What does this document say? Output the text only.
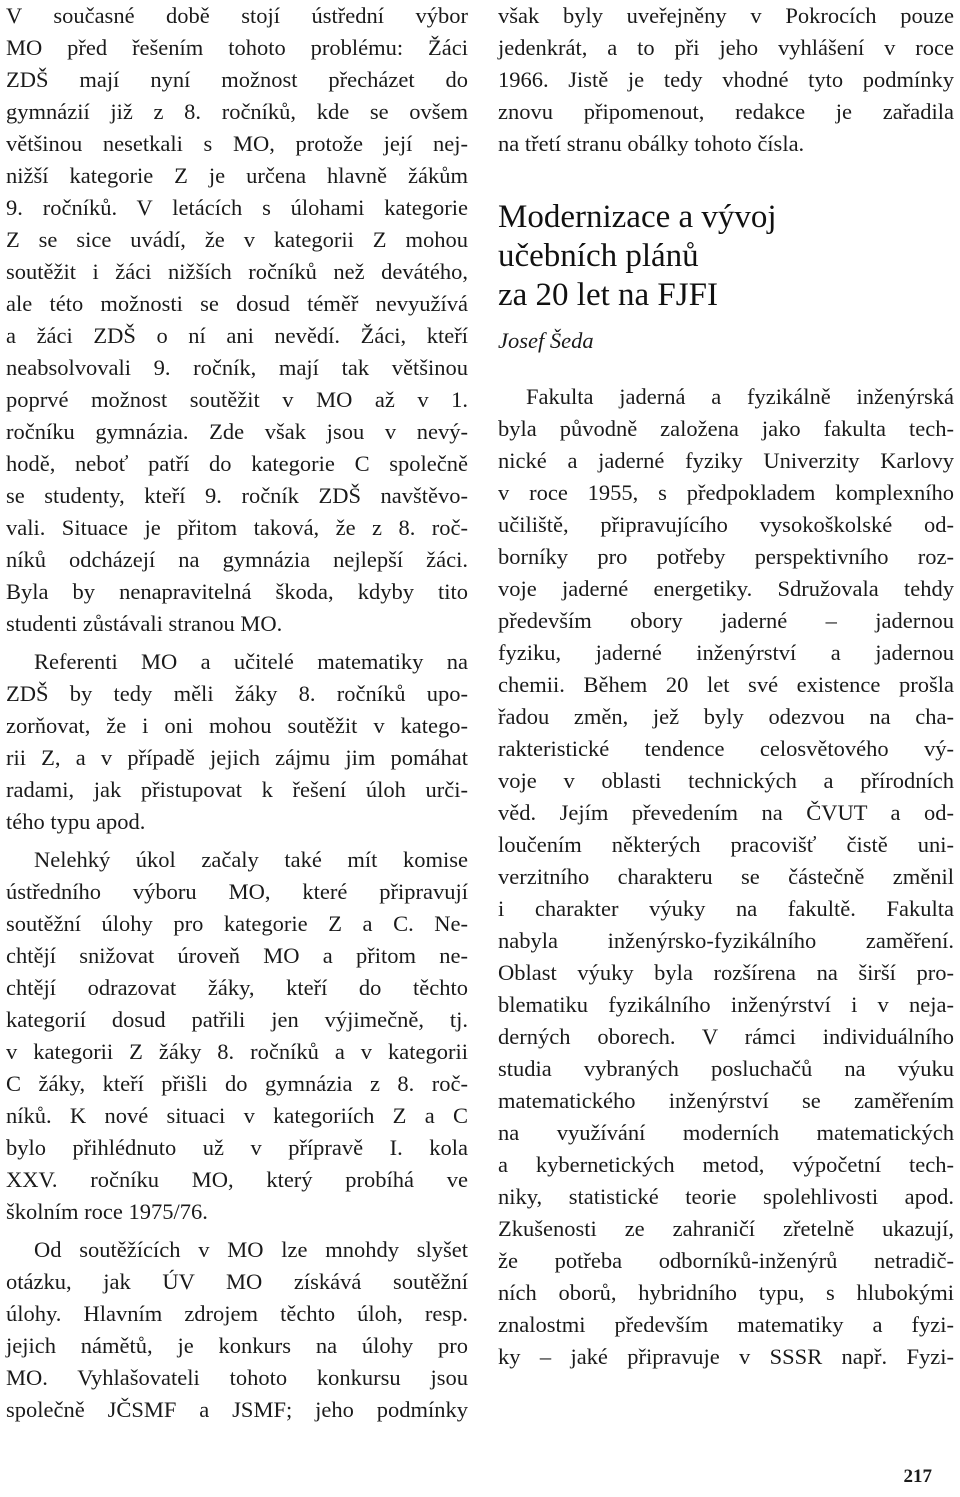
V současné době stojí ústřední výbor
MO před řešením tohoto problému: Žáci
ZDŠ mají nyní možnost přecházet do
gymnázií již z 8. ročníků, kde se ovšem
většinou nesetkali s MO, protože její nej-
nižší kategorie Z je určena hlavně žákům
9. ročníků. V letácích s úlohami kategorie
Z se sice uvádí, že v kategorii Z mohou
soutěžit i žáci nižších ročníků než devátého,
ale této možnosti se dosud téměř nevyužívá
a žáci ZDŠ o ní ani nevědí. Žáci, kteří
neabsolvovali 9. ročník, mají tak většinou
poprvé možnost soutěžit v MO až v 1.
ročníku gymnázia. Zde však jsou v nevý-
hodě, neboť patří do kategorie C společně
se studenty, kteří 9. ročník ZDŠ navštěvo-
vali. Situace je přitom taková, že z 8. roč-
níků odcházejí na gymnázia nejlepší žáci.
Byla by nenapravitelná škoda, kdyby tito
studenti zůstávali stranou MO.
Referenti MO a učitelé matematiky na
ZDŠ by tedy měli žáky 8. ročníků upo-
zorňovat, že i oni mohou soutěžit v katego-
rii Z, a v případě jejich zájmu jim pomáhat
radami, jak přistupovat k řešení úloh urči-
tého typu apod.
Nelehký úkol začaly také mít komise
ústředního výboru MO, které připravují
soutěžní úlohy pro kategorie Z a C. Ne-
chtějí snižovat úroveň MO a přitom ne-
chtějí odrazovat žáky, kteří do těchto
kategorií dosud patřili jen výjimečně, tj.
v kategorii Z žáky 8. ročníků a v kategorii
C žáky, kteří přišli do gymnázia z 8. roč-
níků. K nové situaci v kategoriích Z a C
bylo přihlédnuto už v přípravě I. kola
XXV. ročníku MO, který probíhá ve
školním roce 1975/76.
Od soutěžících v MO lze mnohdy slyšet
otázku, jak ÚV MO získává soutěžní
úlohy. Hlavním zdrojem těchto úloh, resp.
jejich námětů, je konkurs na úlohy pro
MO. Vyhlašovateli tohoto konkursu jsou
společně JČSMF a JSMF; jeho podmínky
však byly uveřejněny v Pokrocích pouze
jedenkrát, a to při jeho vyhlášení v roce
1966. Jistě je tedy vhodné tyto podmínky
znovu připomenout, redakce je zařadila
na třetí stranu obálky tohoto čísla.
Modernizace a vývoj
učebních plánů
za 20 let na FJFI
Josef Šeda
Fakulta jaderná a fyzikálně inženýrská
byla původně založena jako fakulta tech-
nické a jaderné fyziky Univerzity Karlovy
v roce 1955, s předpokladem komplexního
učiliště, připravujícího vysokoškolské od-
borníky pro potřeby perspektivního roz-
voje jaderné energetiky. Sdružovala tehdy
především obory jaderné – jadernou
fyziku, jaderné inženýrství a jadernou
chemii. Během 20 let své existence prošla
řadou změn, jež byly odezvou na cha-
rakteristické tendence celosvětového vý-
voje v oblasti technických a přírodních
věd. Jejím převedením na ČVUT a od-
loučením některých pracovišť čistě uni-
verzitního charakteru se částečně změnil
i charakter výuky na fakultě. Fakulta
nabyla inženýrsko-fyzikálního zaměření.
Oblast výuky byla rozšírena na širší pro-
blematiku fyzikálního inženýrství i v neja-
derných oborech. V rámci individuálního
studia vybraných posluchačů na výuku
matematického inženýrství se zaměřením
na využívání moderních matematických
a kybernetických metod, výpočetní tech-
niky, statistické teorie spolehlivosti apod.
Zkušenosti ze zahraničí zřetelně ukazují,
že potřeba odborníků-inženýrů netradič-
ních oborů, hybridního typu, s hlubokými
znalostmi především matematiky a fyzi-
ky – jaké připravuje v SSSR např. Fyzi-
217
